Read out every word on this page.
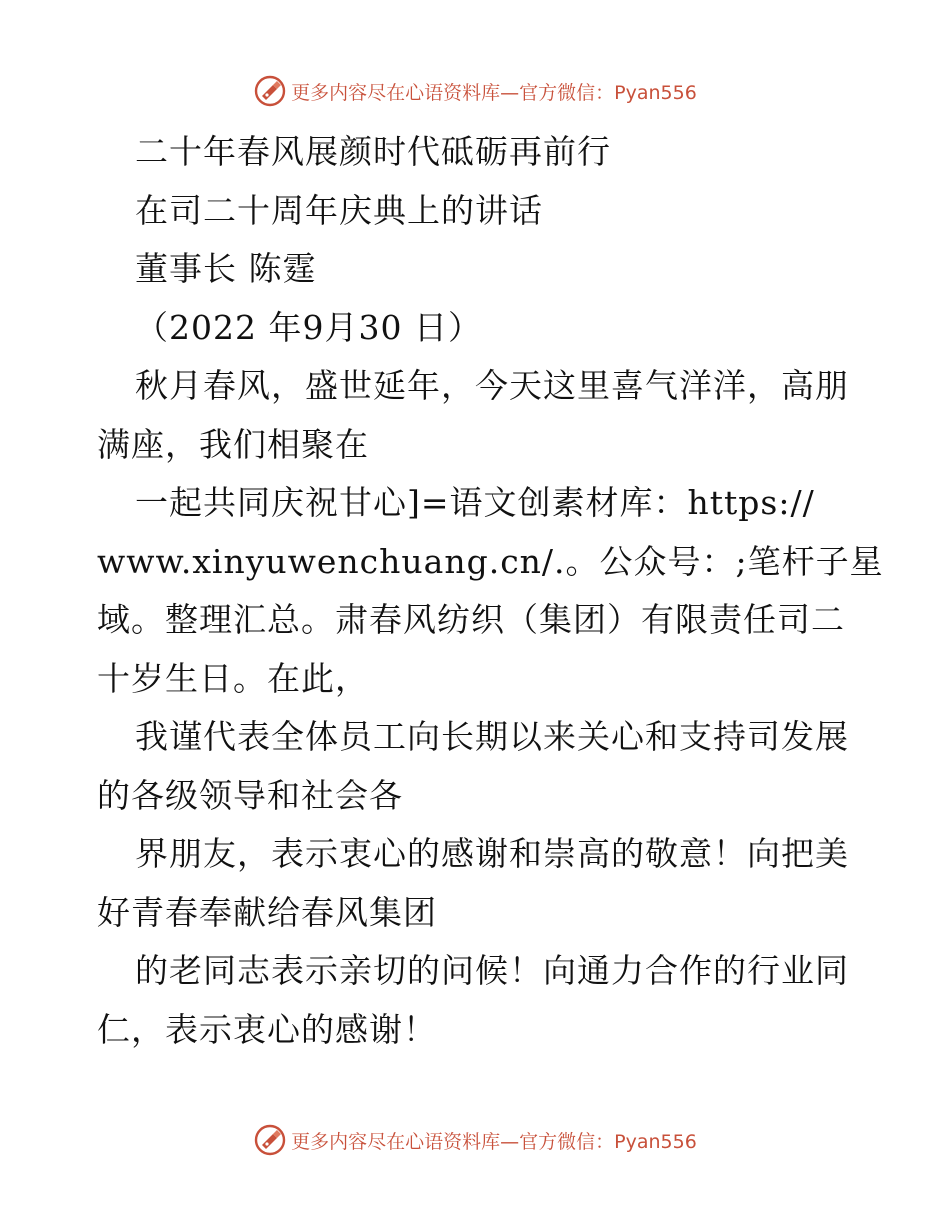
更多内容尽在心语资料库—官方微信：Pyan556
二十年春风展颜时代砥砺再前行
在司二十周年庆典上的讲话
董事长 陈霆
（2022 年9月30 日）
秋月春风，盛世延年，今天这里喜气洋洋，高朋
满座，我们相聚在
一起共同庆祝甘心]=语文创素材库：https://
www.xinyuwenchuang.cn/.。公众号：;笔杆子星
域。整理汇总。肃春风纺织（集团）有限责任司二
十岁生日。在此，
我谨代表全体员工向长期以来关心和支持司发展
的各级领导和社会各
界朋友，表示衷心的感谢和崇高的敬意！向把美
好青春奉献给春风集团
的老同志表示亲切的问候！向通力合作的行业同
仁，表示衷心的感谢！
更多内容尽在心语资料库—官方微信：Pyan556
